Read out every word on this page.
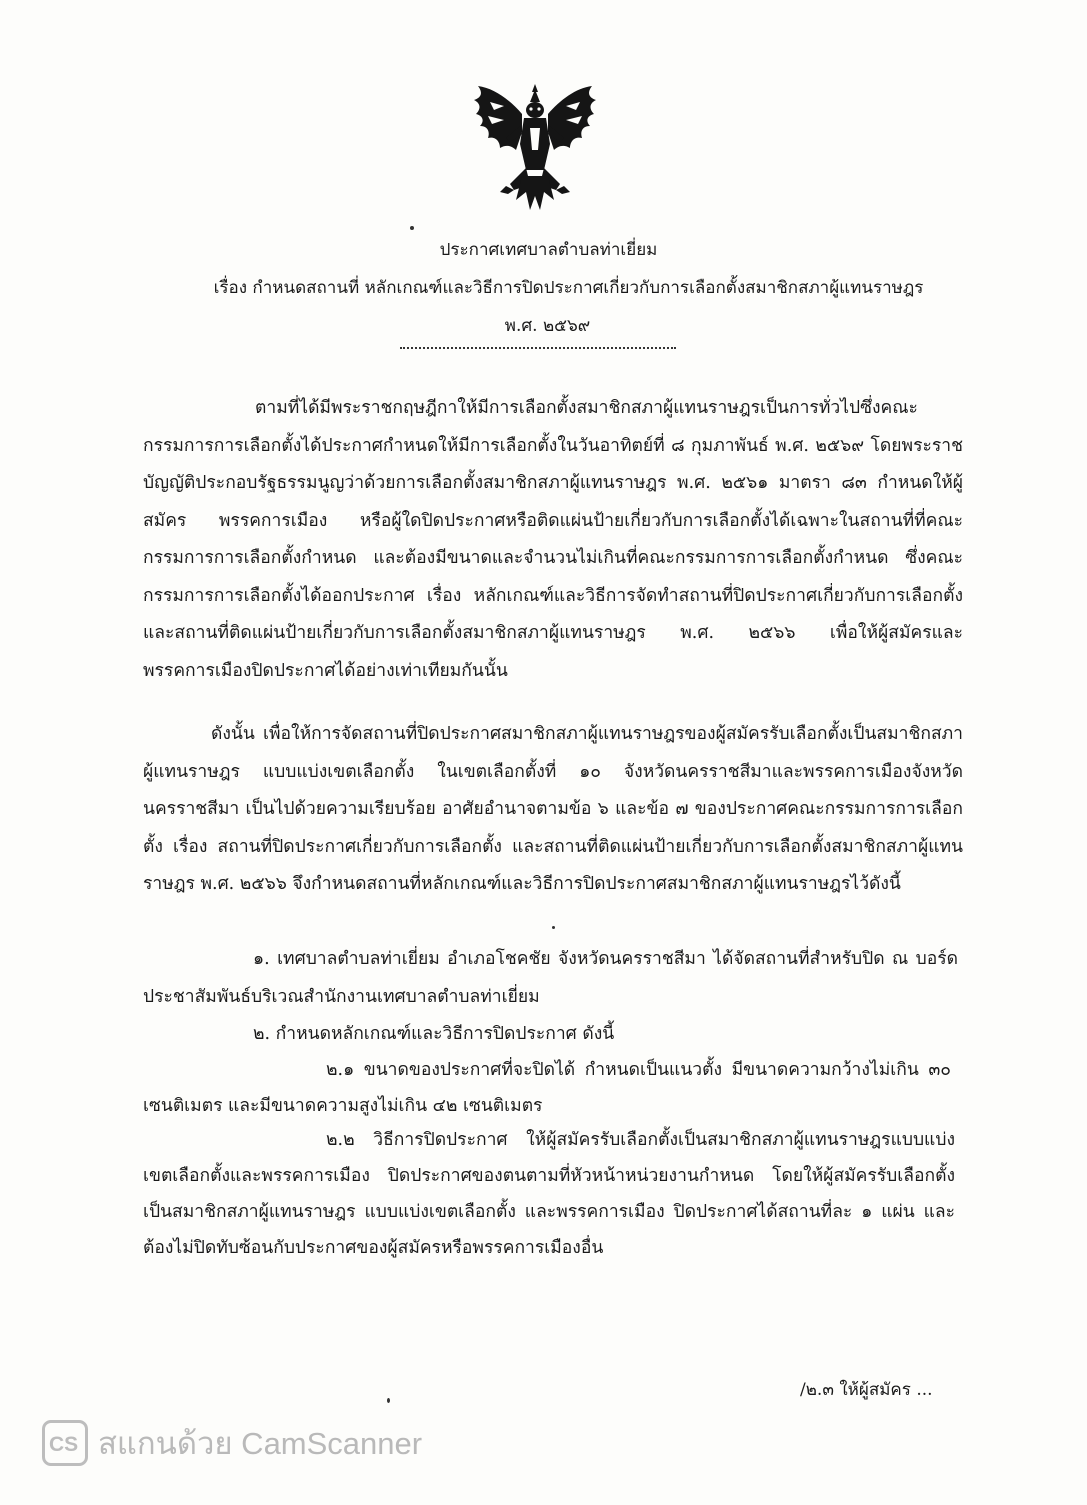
ประกาศเทศบาลตำบลท่าเยี่ยม
เรื่อง กำหนดสถานที่ หลักเกณฑ์และวิธีการปิดประกาศเกี่ยวกับการเลือกตั้งสมาชิกสภาผู้แทนราษฎร
พ.ศ. ๒๕๖๙
ตามที่ได้มีพระราชกฤษฎีกาให้มีการเลือกตั้งสมาชิกสภาผู้แทนราษฎรเป็นการทั่วไปซึ่งคณะกรรมการการเลือกตั้งได้ประกาศกำหนดให้มีการเลือกตั้งในวันอาทิตย์ที่ ๘ กุมภาพันธ์ พ.ศ. ๒๕๖๙ โดยพระราชบัญญัติประกอบรัฐธรรมนูญว่าด้วยการเลือกตั้งสมาชิกสภาผู้แทนราษฎร พ.ศ. ๒๕๖๑ มาตรา ๘๓ กำหนดให้ผู้สมัคร พรรคการเมือง หรือผู้ใดปิดประกาศหรือติดแผ่นป้ายเกี่ยวกับการเลือกตั้งได้เฉพาะในสถานที่ที่คณะกรรมการการเลือกตั้งกำหนด และต้องมีขนาดและจำนวนไม่เกินที่คณะกรรมการการเลือกตั้งกำหนด ซึ่งคณะกรรมการการเลือกตั้งได้ออกประกาศ เรื่อง หลักเกณฑ์และวิธีการจัดทำสถานที่ปิดประกาศเกี่ยวกับการเลือกตั้ง และสถานที่ติดแผ่นป้ายเกี่ยวกับการเลือกตั้งสมาชิกสภาผู้แทนราษฎร พ.ศ. ๒๕๖๖ เพื่อให้ผู้สมัครและพรรคการเมืองปิดประกาศได้อย่างเท่าเทียมกันนั้น
ดังนั้น เพื่อให้การจัดสถานที่ปิดประกาศสมาชิกสภาผู้แทนราษฎรของผู้สมัครรับเลือกตั้งเป็นสมาชิกสภาผู้แทนราษฎร แบบแบ่งเขตเลือกตั้ง ในเขตเลือกตั้งที่ ๑๐ จังหวัดนครราชสีมาและพรรคการเมืองจังหวัดนครราชสีมา เป็นไปด้วยความเรียบร้อย อาศัยอำนาจตามข้อ ๖ และข้อ ๗ ของประกาศคณะกรรมการการเลือกตั้ง เรื่อง สถานที่ปิดประกาศเกี่ยวกับการเลือกตั้ง และสถานที่ติดแผ่นป้ายเกี่ยวกับการเลือกตั้งสมาชิกสภาผู้แทนราษฎร พ.ศ. ๒๕๖๖ จึงกำหนดสถานที่หลักเกณฑ์และวิธีการปิดประกาศสมาชิกสภาผู้แทนราษฎรไว้ดังนี้
๑. เทศบาลตำบลท่าเยี่ยม อำเภอโชคชัย จังหวัดนครราชสีมา ได้จัดสถานที่สำหรับปิด ณ บอร์ดประชาสัมพันธ์บริเวณสำนักงานเทศบาลตำบลท่าเยี่ยม
๒. กำหนดหลักเกณฑ์และวิธีการปิดประกาศ ดังนี้
๒.๑ ขนาดของประกาศที่จะปิดได้ กำหนดเป็นแนวตั้ง มีขนาดความกว้างไม่เกิน ๓๐ เซนติเมตร และมีขนาดความสูงไม่เกิน ๔๒ เซนติเมตร
๒.๒ วิธีการปิดประกาศ ให้ผู้สมัครรับเลือกตั้งเป็นสมาชิกสภาผู้แทนราษฎรแบบแบ่งเขตเลือกตั้งและพรรคการเมือง ปิดประกาศของตนตามที่หัวหน้าหน่วยงานกำหนด โดยให้ผู้สมัครรับเลือกตั้งเป็นสมาชิกสภาผู้แทนราษฎร แบบแบ่งเขตเลือกตั้ง และพรรคการเมือง ปิดประกาศได้สถานที่ละ ๑ แผ่น และต้องไม่ปิดทับซ้อนกับประกาศของผู้สมัครหรือพรรคการเมืองอื่น
/๒.๓ ให้ผู้สมัคร ...
CS สแกนด้วย CamScanner
